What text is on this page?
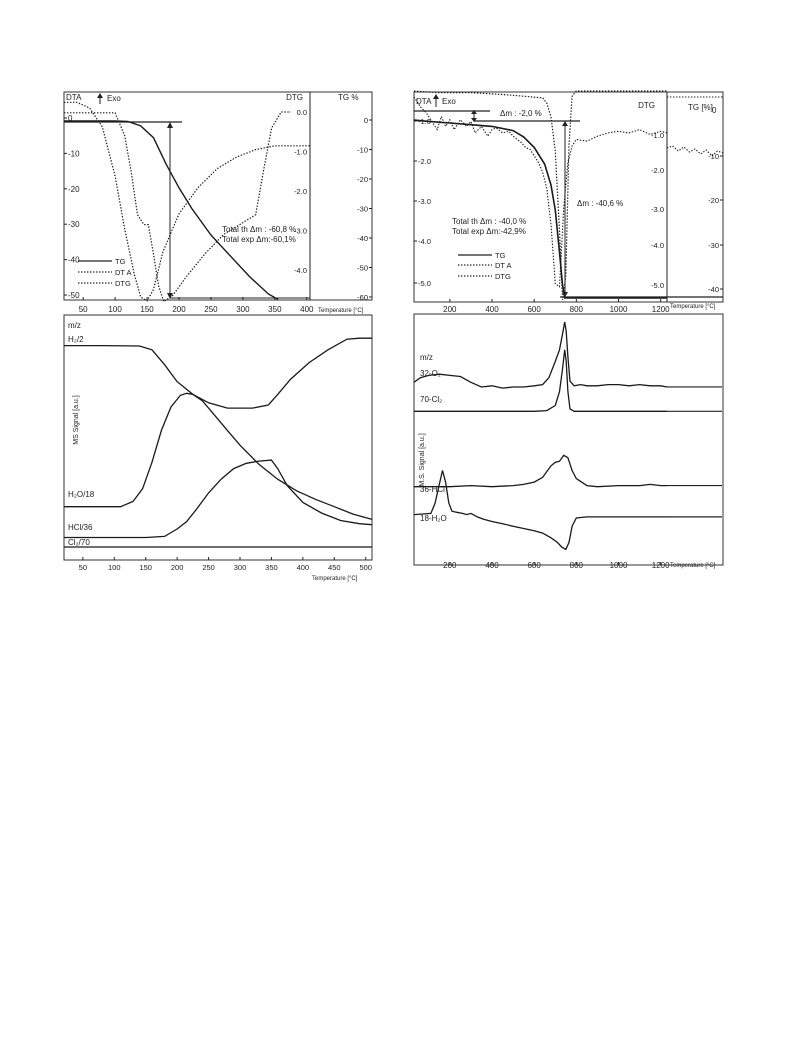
50	100 150 200 250 300 350 400 Temperature [°C]
0
-10
-20
-30
-40
-50
0.0
-1.0
-2.0
-3.0
-4.0
0
-10
-20
-30
-40
-50
-60
DTA	Exo	DTG	TG %
Total th Δm : -60,8 %
Total exp Δm:-60,1%
TG
DT A
DTG
50	100	150	200	250	300	350	400	450	500
Temperature [°C]
MS Signal [a.u.]
m/z
H₂/2
H₂O/18
HCl/36
Cl₂/70
200	400	600	800	1000	1200 Temperature [°C]
-1.0
-2.0
-3.0
-4.0
-5.0
-1.0
-2.0
-3.0
-4.0
-5.0
-10
-20
-30
-40
DTA Exo	DTG	TG [%] 0
Δm : -2,0 %
Δm : -40,6 %
Total th Δm : -40,0 %
Total exp Δm:-42,9%
TG
DT A
DTG
200	400	600	800	1000	1200 Temperature [°C]
M.S. Signal [a.u.]
m/z
32-O₂
70-Cl₂
36-HCl
18-H₂O
